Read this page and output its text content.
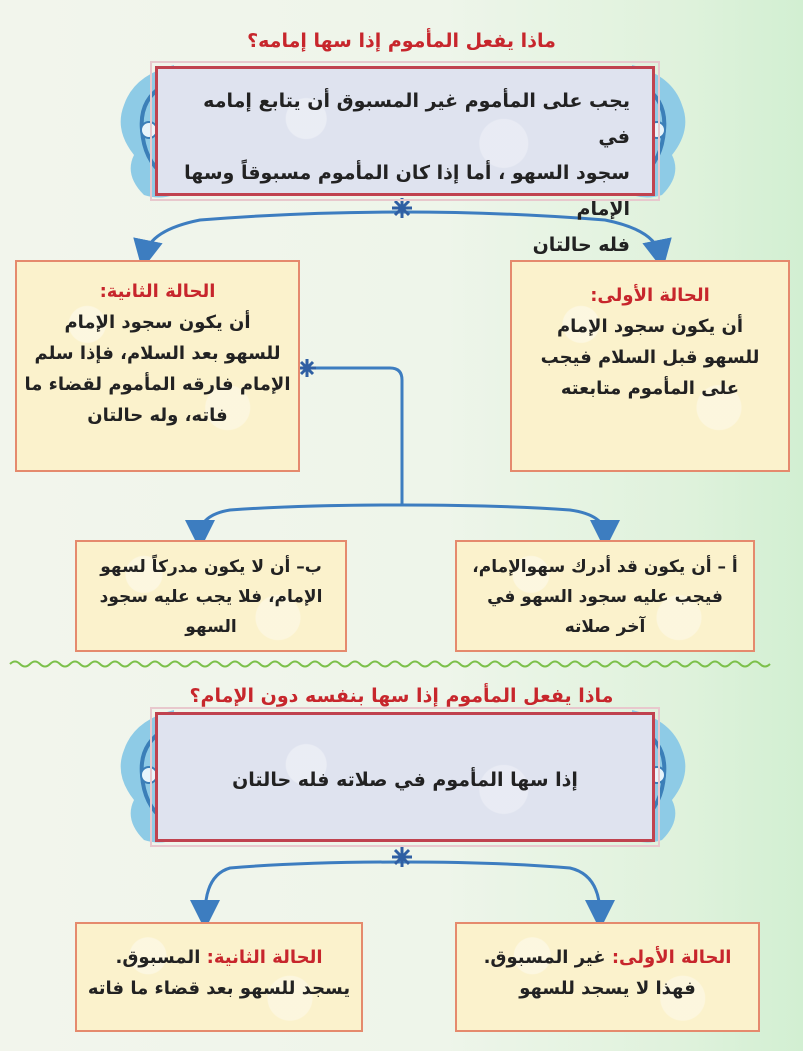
ماذا يفعل المأموم إذا سها إمامه؟
يجب على المأموم غير المسبوق أن يتابع إمامه في
سجود السهو ، أما إذا كان المأموم مسبوقاً وسها الإمام
فله حالتان
الحالة الأولى:
أن يكون سجود الإمام
للسهو قبل السلام فيجب
على المأموم متابعته
الحالة الثانية:
أن يكون سجود الإمام
للسهو بعد السلام، فإذا سلم
الإمام فارقه المأموم لقضاء ما
فاته، وله حالتان
أ – أن يكون قد أدرك سهوالإمام،
فيجب عليه سجود السهو في
آخر صلاته
ب– أن لا يكون مدركاً لسهو
الإمام، فلا يجب عليه سجود
السهو
ماذا يفعل المأموم إذا سها بنفسه دون الإمام؟
إذا سها المأموم في صلاته فله حالتان
الحالة الأولى: غير المسبوق.
فهذا لا يسجد للسهو
الحالة الثانية: المسبوق.
يسجد للسهو بعد قضاء ما فاته
